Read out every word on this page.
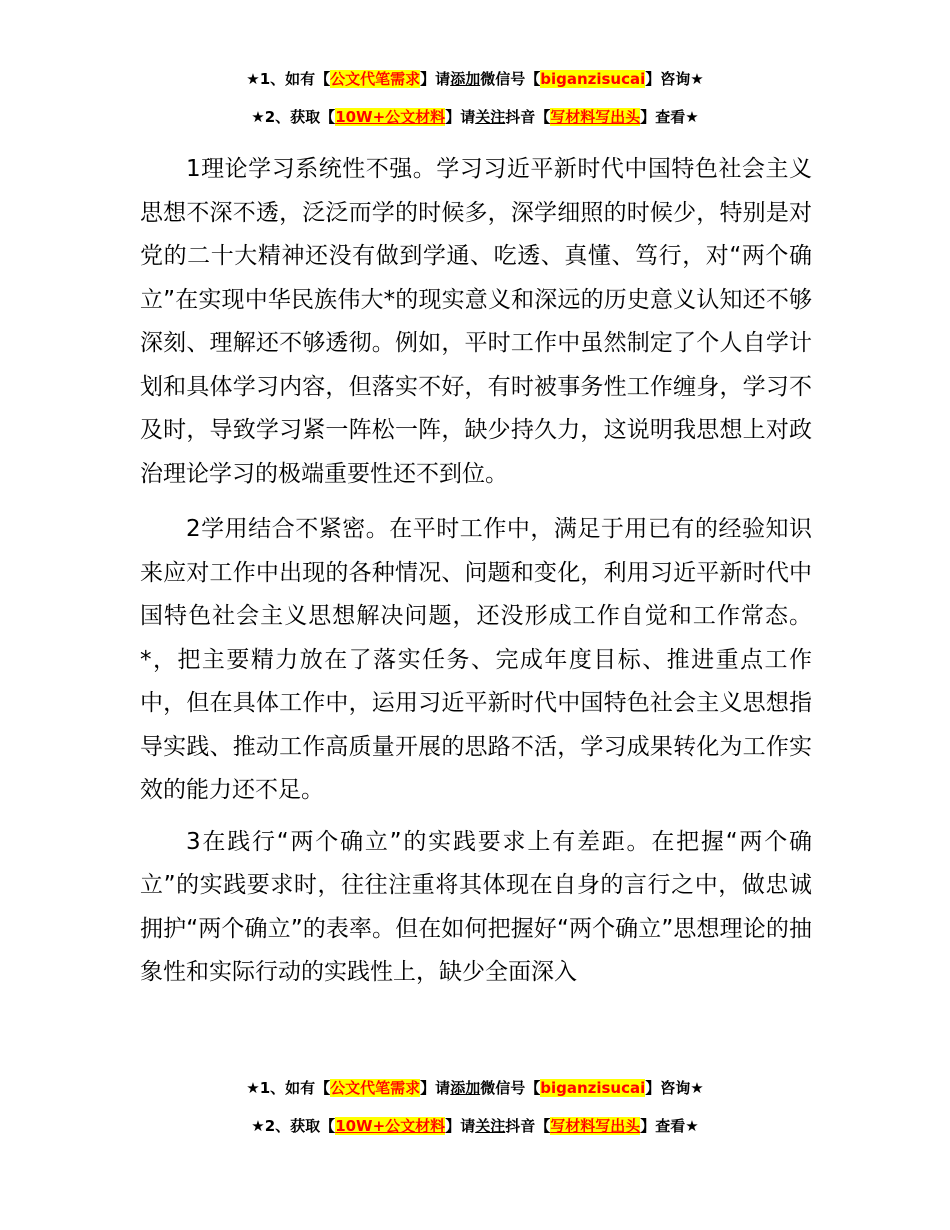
★1、如有【公文代笔需求】请添加微信号【biganzisucai】咨询★
★2、获取【10W+公文材料】请关注抖音【写材料写出头】查看★

1理论学习系统性不强。学习习近平新时代中国特色社会主义思想不深不透，泛泛而学的时候多，深学细照的时候少，特别是对党的二十大精神还没有做到学通、吃透、真懂、笃行，对“两个确立”在实现中华民族伟大*的现实意义和深远的历史意义认知还不够深刻、理解还不够透彻。例如，平时工作中虽然制定了个人自学计划和具体学习内容，但落实不好，有时被事务性工作缠身，学习不及时，导致学习紧一阵松一阵，缺少持久力，这说明我思想上对政治理论学习的极端重要性还不到位。

2学用结合不紧密。在平时工作中，满足于用已有的经验知识来应对工作中出现的各种情况、问题和变化，利用习近平新时代中国特色社会主义思想解决问题，还没形成工作自觉和工作常态。*，把主要精力放在了落实任务、完成年度目标、推进重点工作中，但在具体工作中，运用习近平新时代中国特色社会主义思想指导实践、推动工作高质量开展的思路不活，学习成果转化为工作实效的能力还不足。

3在践行“两个确立”的实践要求上有差距。在把握“两个确立”的实践要求时，往往注重将其体现在自身的言行之中，做忠诚拥护“两个确立”的表率。但在如何把握好“两个确立”思想理论的抽象性和实际行动的实践性上，缺少全面深入

★1、如有【公文代笔需求】请添加微信号【biganzisucai】咨询★
★2、获取【10W+公文材料】请关注抖音【写材料写出头】查看★
